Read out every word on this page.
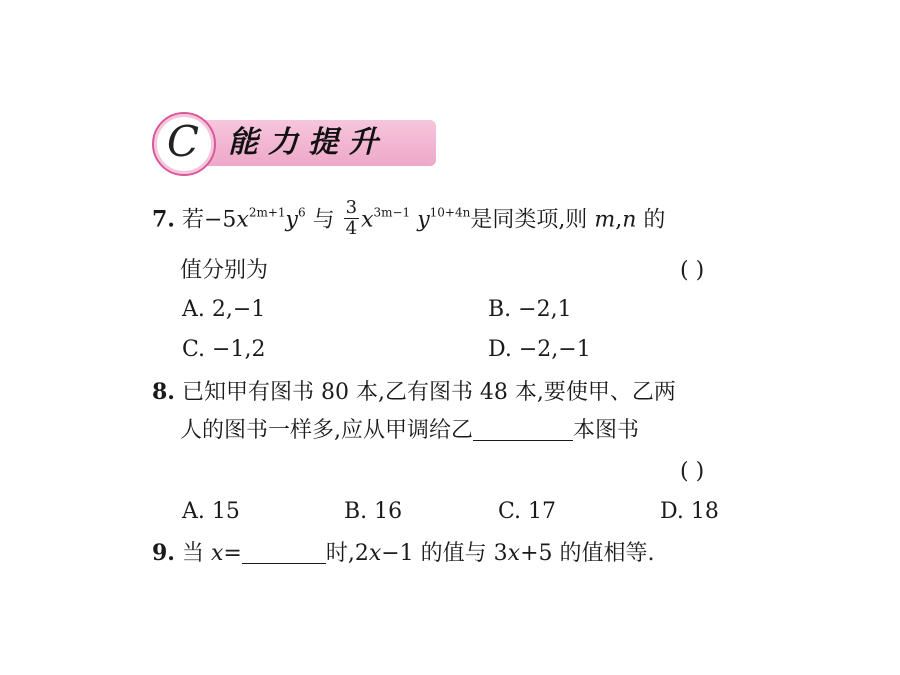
C 能力提升
7. 若$-5x^{2m+1}y^6$ 与 $\frac{3}{4} x^{3m-1}$ $y^{10+4n}$是同类项,则 m,n 的
值分别为	( )
A. 2,−1	B. −2,1
C. −1,2	D. −2,−1
8. 已知甲有图书 80 本,乙有图书 48 本,要使甲、乙两
人的图书一样多,应从甲调给乙	本图书
( )
A. 15	B. 16	C. 17	D. 18
9. 当 x=	时,2x−1 的值与 3x+5 的值相等.
